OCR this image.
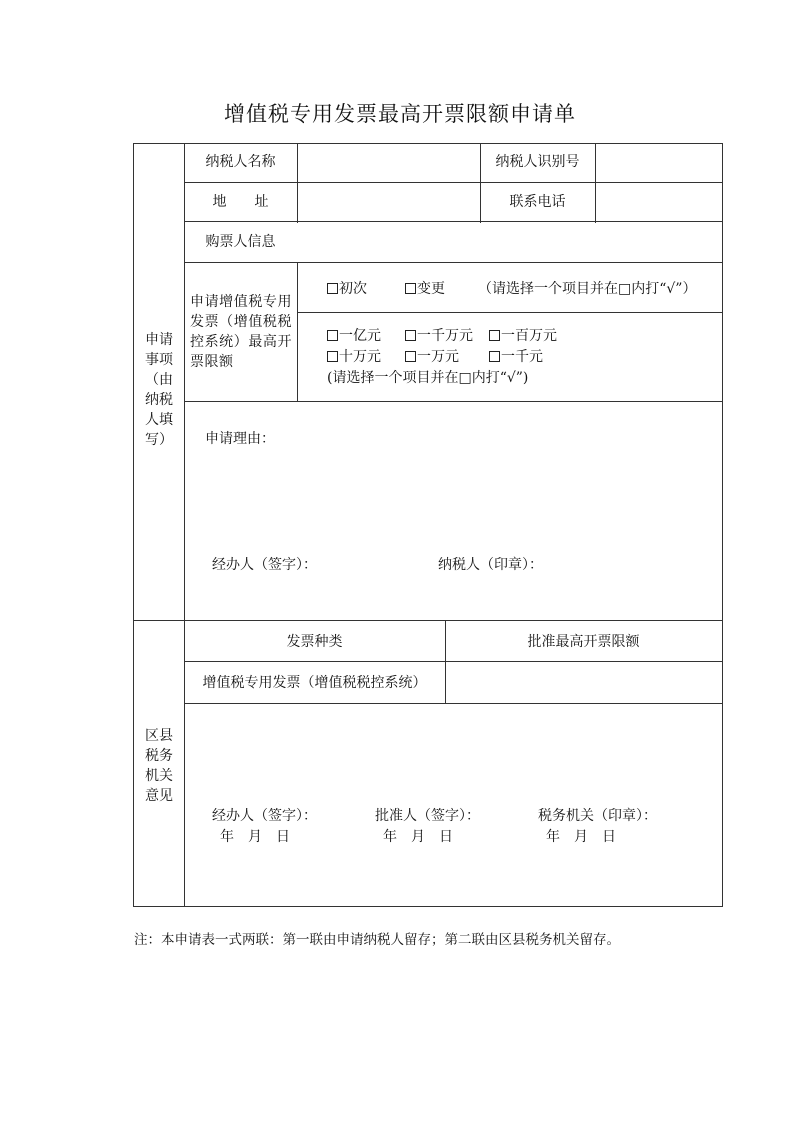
增值税专用发票最高开票限额申请单
申请事项（由纳税人填写）
区县税务机关意见
纳税人名称	纳税人识别号
地　　址	联系电话
购票人信息
申请增值税专用发票（增值税税控系统）最高开票限额
初次	变更 （请选择一个项目并在□内打“√”）
一亿元	一千万元	一百万元
十万元	一万元	一千元
(请选择一个项目并在□内打“√”)
申请理由：
经办人（签字）：	纳税人（印章）：
发票种类	批准最高开票限额
增值税专用发票（增值税税控系统）
经办人（签字）：	批准人（签字）：	税务机关（印章）：
年　月　日	年　月　日	年　月　日
注：本申请表一式两联：第一联由申请纳税人留存；第二联由区县税务机关留存。
